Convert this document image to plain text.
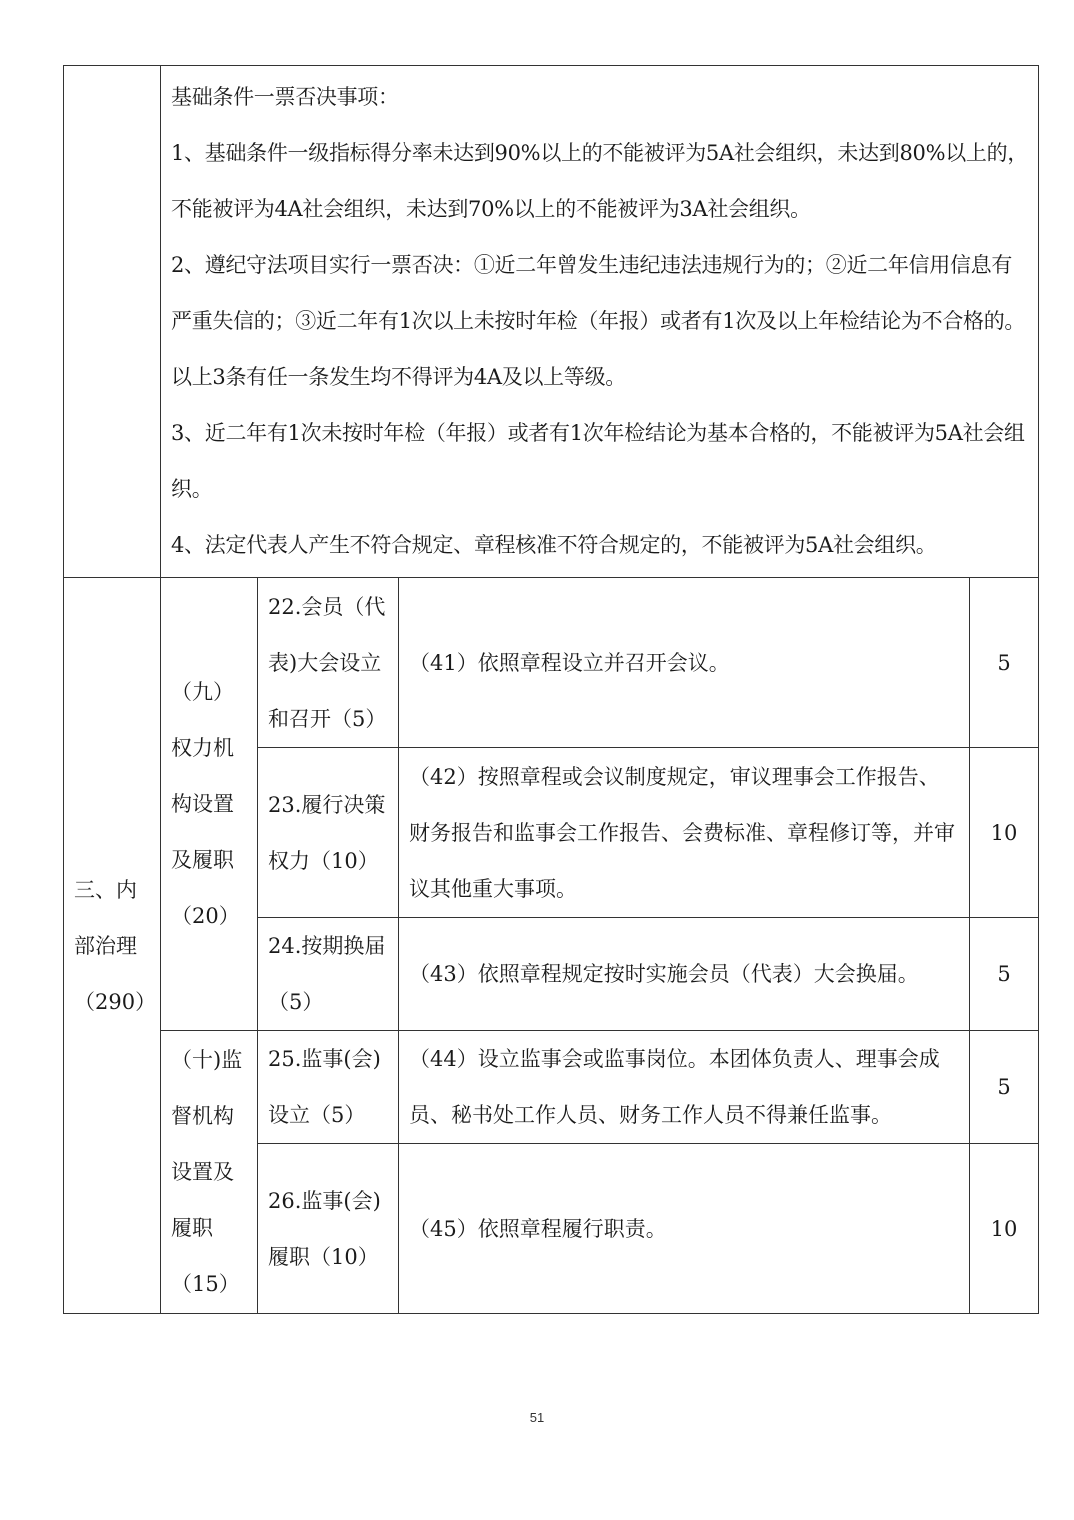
	基础条件一票否决事项：
1、基础条件一级指标得分率未达到90%以上的不能被评为5A社会组织，未达到80%以上的，不能被评为4A社会组织，未达到70%以上的不能被评为3A社会组织。
2、遵纪守法项目实行一票否决：①近二年曾发生违纪违法违规行为的；②近二年信用信息有严重失信的；③近二年有1次以上未按时年检（年报）或者有1次及以上年检结论为不合格的。以上3条有任一条发生均不得评为4A及以上等级。
3、近二年有1次未按时年检（年报）或者有1次年检结论为基本合格的，不能被评为5A社会组织。
4、法定代表人产生不符合规定、章程核准不符合规定的，不能被评为5A社会组织。			

三、内部治理（290）	（九）权力机构设置及履职（20）	22.会员（代表)大会设立和召开（5）	（41）依照章程设立并召开会议。	5
		23.履行决策权力（10）	（42）按照章程或会议制度规定，审议理事会工作报告、财务报告和监事会工作报告、会费标准、章程修订等，并审议其他重大事项。	10
		24.按期换届（5）	（43）依照章程规定按时实施会员（代表）大会换届。	5
	（十)监督机构设置及履职（15）	25.监事(会)设立（5）	（44）设立监事会或监事岗位。本团体负责人、理事会成员、秘书处工作人员、财务工作人员不得兼任监事。	5
		26.监事(会)履职（10）	（45）依照章程履行职责。	10
51
